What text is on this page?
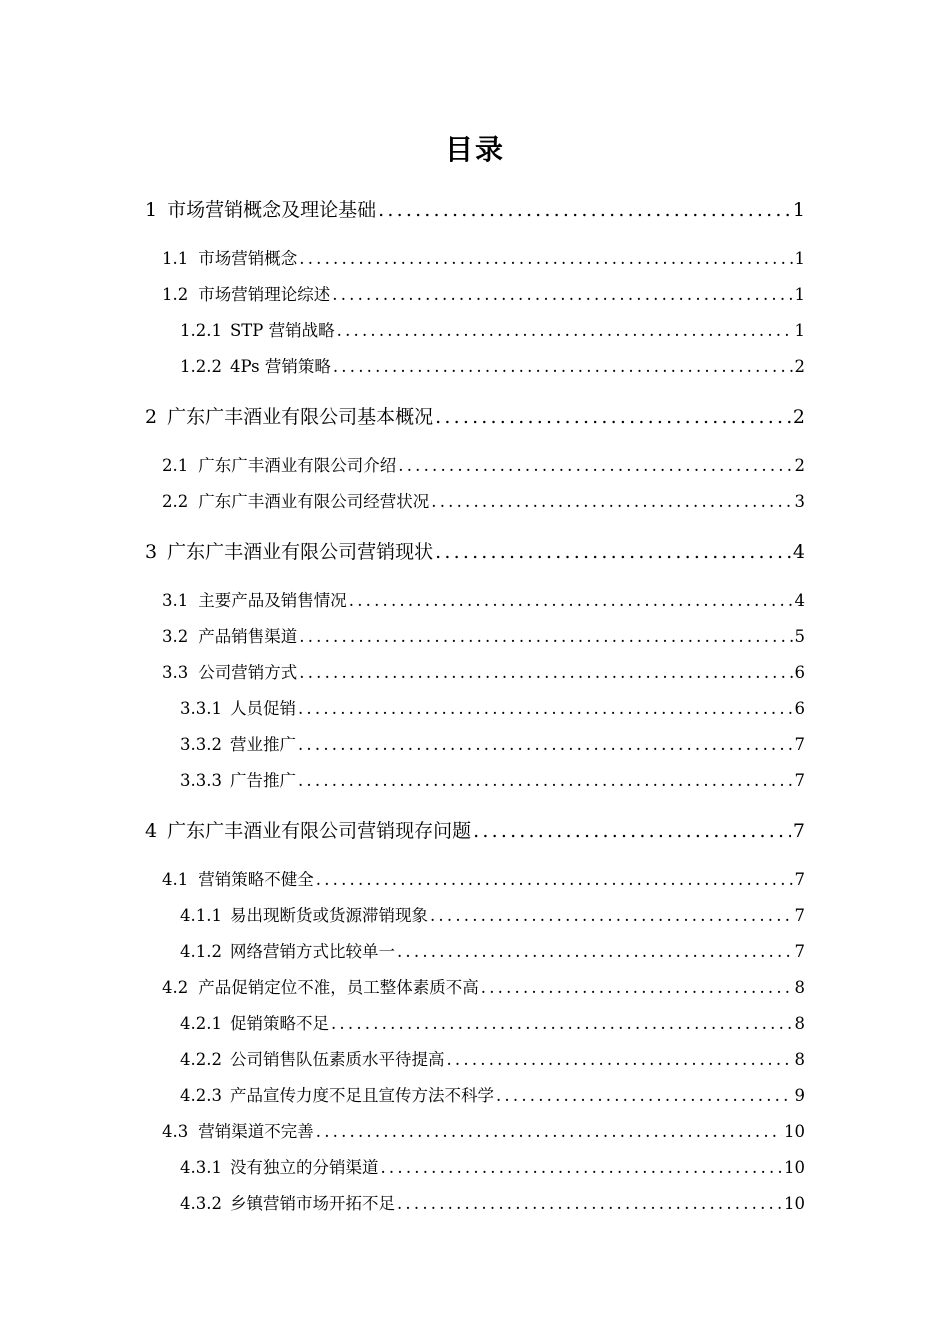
目录
1 市场营销概念及理论基础 .....	1
1.1 市场营销概念 .....	1
1.2 市场营销理论综述 .....	1
1.2.1 STP 营销战略 .....	1
1.2.2 4Ps 营销策略 .....	2
2 广东广丰酒业有限公司基本概况 .....	2
2.1 广东广丰酒业有限公司介绍 .....	2
2.2 广东广丰酒业有限公司经营状况 .....	3
3 广东广丰酒业有限公司营销现状 .....	4
3.1 主要产品及销售情况 .....	4
3.2 产品销售渠道 .....	5
3.3 公司营销方式 .....	6
3.3.1 人员促销 .....	6
3.3.2 营业推广 .....	7
3.3.3 广告推广 .....	7
4 广东广丰酒业有限公司营销现存问题 .....	7
4.1 营销策略不健全 .....	7
4.1.1 易出现断货或货源滞销现象 .....	7
4.1.2 网络营销方式比较单一 .....	7
4.2 产品促销定位不准，员工整体素质不高 .....	8
4.2.1 促销策略不足 .....	8
4.2.2 公司销售队伍素质水平待提高 .....	8
4.2.3 产品宣传力度不足且宣传方法不科学 .....	9
4.3 营销渠道不完善 .....	10
4.3.1 没有独立的分销渠道 .....	10
4.3.2 乡镇营销市场开拓不足 .....	10
